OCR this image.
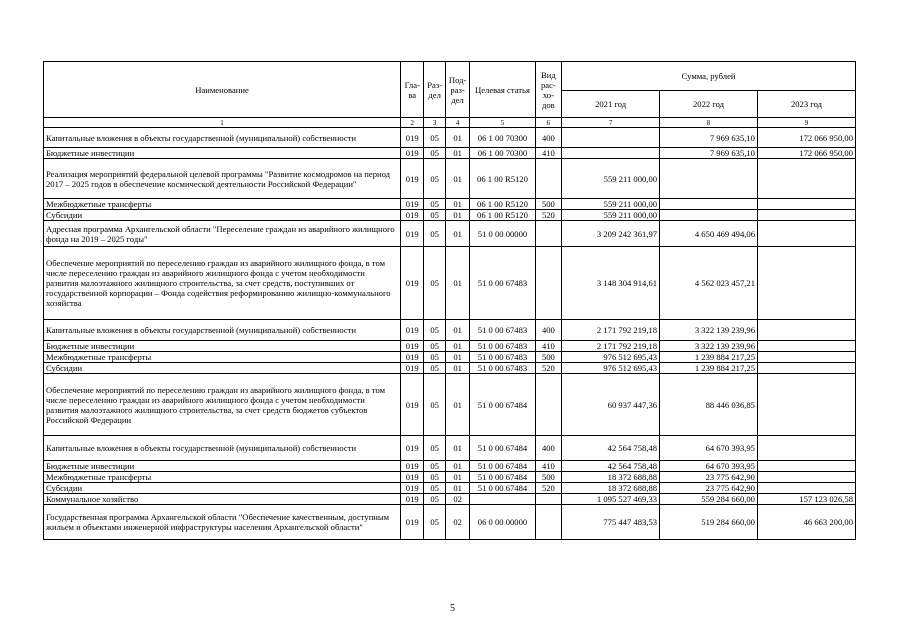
Наименование	Гла-ва	Раз-дел	Под-раз-дел	Целевая статья	Вид рас-хо-дов	Сумма, рублей		
						2021 год	2022 год	2023 год
1	2	3	4	5	6	7	8	9
Капитальные вложения в объекты государственной (муниципальной) собственности	019	05	01	06 1 00 70300	400		7 969 635,10	172 066 950,00
Бюджетные инвестиции	019	05	01	06 1 00 70300	410		7 969 635,10	172 066 950,00
Реализация мероприятий федеральной целевой программы "Развитие космодромов на период 2017 – 2025 годов в обеспечение космической деятельности Российской Федерации"	019	05	01	06 1 00 R5120		559 211 000,00		
Межбюджетные трансферты	019	05	01	06 1 00 R5120	500	559 211 000,00		
Субсидии	019	05	01	06 1 00 R5120	520	559 211 000,00		
Адресная программа Архангельской области "Переселение граждан из аварийного жилищного фонда на 2019 – 2025 годы"	019	05	01	51 0 00 00000		3 209 242 361,97	4 650 469 494,06	
Обеспечение мероприятий по переселению граждан из аварийного жилищного фонда, в том числе переселению граждан из аварийного жилищного фонда с учетом необходимости развития малоэтажного жилищного строительства, за счет средств, поступивших от государственной корпорации – Фонда содействия реформированию жилищно-коммунального хозяйства	019	05	01	51 0 00 67483		3 148 304 914,61	4 562 023 457,21	
Капитальные вложения в объекты государственной (муниципальной) собственности	019	05	01	51 0 00 67483	400	2 171 792 219,18	3 322 139 239,96	
Бюджетные инвестиции	019	05	01	51 0 00 67483	410	2 171 792 219,18	3 322 139 239,96	
Межбюджетные трансферты	019	05	01	51 0 00 67483	500	976 512 695,43	1 239 884 217,25	
Субсидии	019	05	01	51 0 00 67483	520	976 512 695,43	1 239 884 217,25	
Обеспечение мероприятий по переселению граждан из аварийного жилищного фонда, в том числе переселению граждан из аварийного жилищного фонда с учетом необходимости развития малоэтажного жилищного строительства, за счет средств бюджетов субъектов Российской Федерации	019	05	01	51 0 00 67484		60 937 447,36	88 446 036,85	
Капитальные вложения в объекты государственной (муниципальной) собственности	019	05	01	51 0 00 67484	400	42 564 758,48	64 670 393,95	
Бюджетные инвестиции	019	05	01	51 0 00 67484	410	42 564 758,48	64 670 393,95	
Межбюджетные трансферты	019	05	01	51 0 00 67484	500	18 372 688,88	23 775 642,90	
Субсидии	019	05	01	51 0 00 67484	520	18 372 688,88	23 775 642,90	
Коммунальное хозяйство	019	05	02			1 095 527 469,33	559 284 660,00	157 123 026,58
Государственная программа Архангельской области "Обеспечение качественным, доступным жильем и объектами инженерной инфраструктуры населения Архангельской области"	019	05	02	06 0 00 00000		775 447 483,53	519 284 660,00	46 663 200,00
5
